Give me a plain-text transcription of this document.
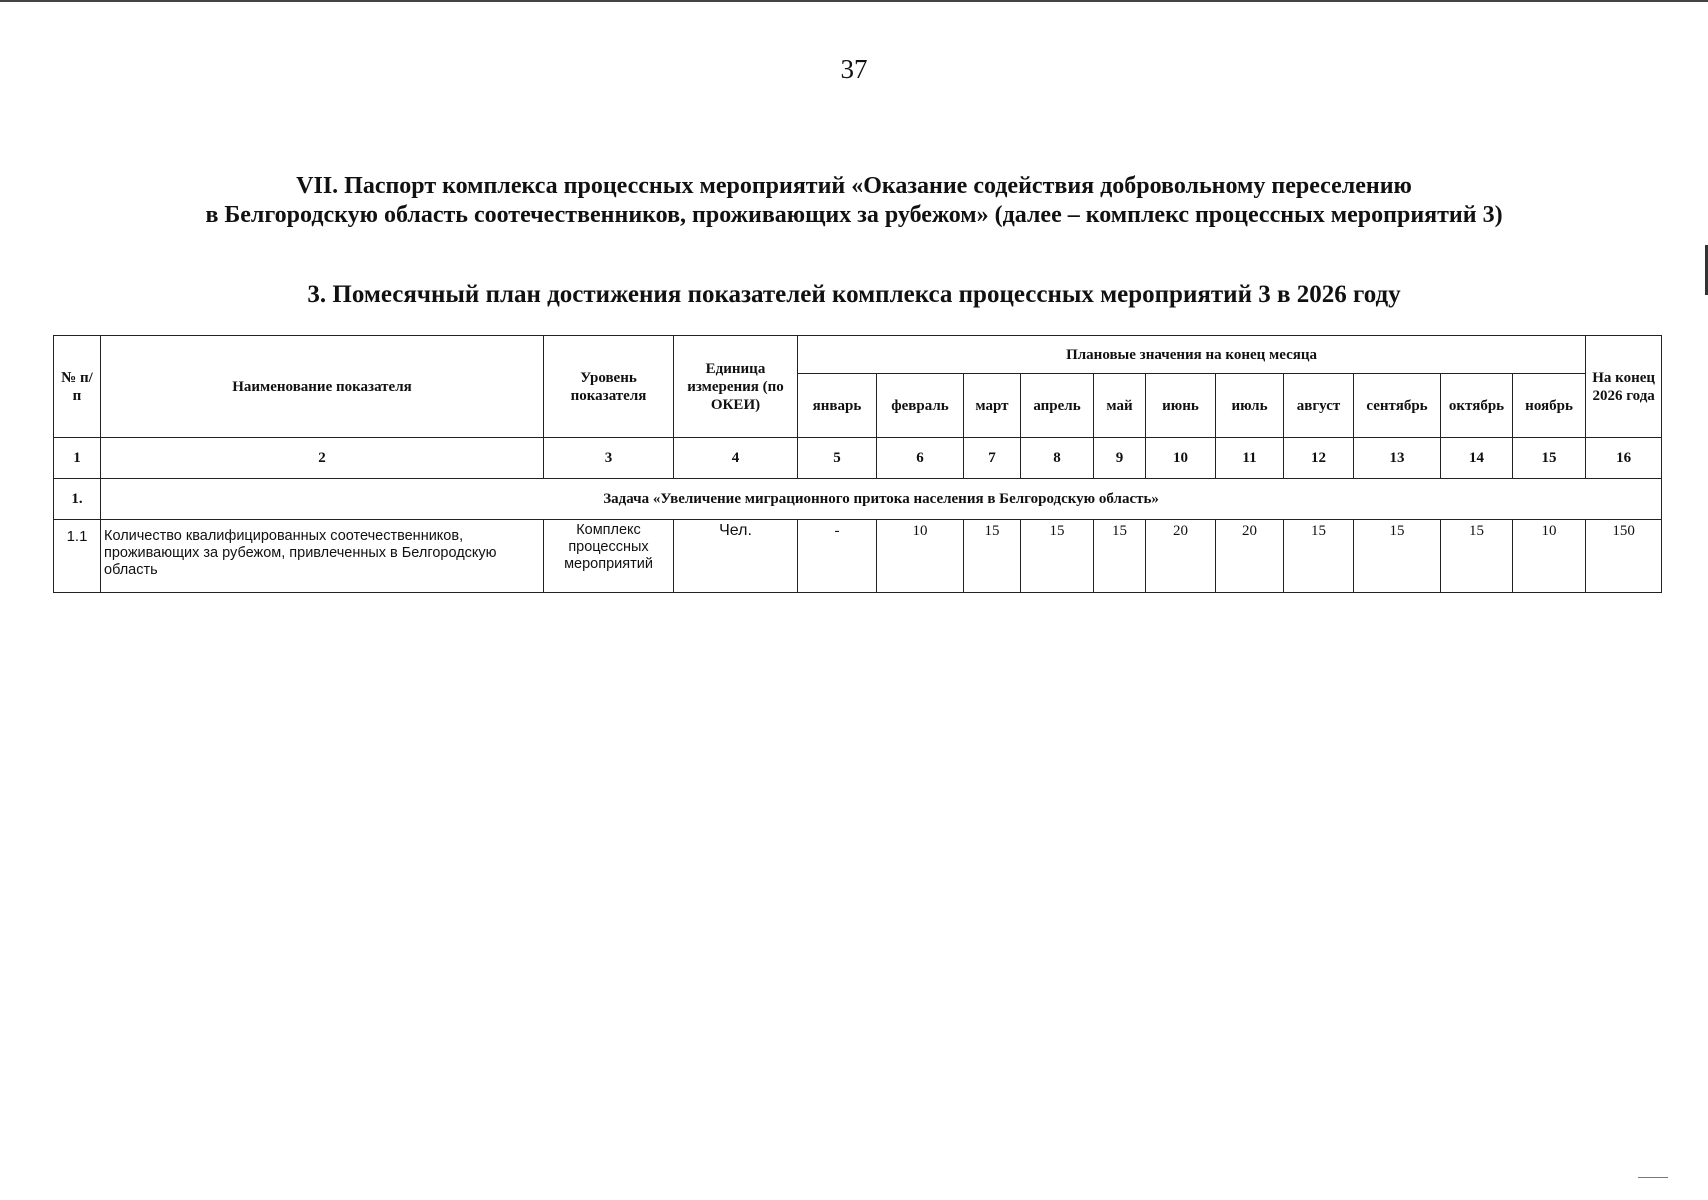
37
VII. Паспорт комплекса процессных мероприятий «Оказание содействия добровольному переселению
в Белгородскую область соотечественников, проживающих за рубежом» (далее – комплекс процессных мероприятий 3)
3. Помесячный план достижения показателей комплекса процессных мероприятий 3 в 2026 году
№ п/п	Наименование показателя	Уровень показателя	Единица измерения (по ОКЕИ)	Плановые значения на конец месяца											На конец 2026 года
				январь	февраль	март	апрель	май	июнь	июль	август	сентябрь	октябрь	ноябрь	
1	2	3	4	5	6	7	8	9	10	11	12	13	14	15	16
1.	Задача «Увеличение миграционного притока населения в Белгородскую область»														
1.1	Количество квалифицированных соотечественников, проживающих за рубежом, привлеченных в Белгородскую область	Комплекс процессных мероприятий	Чел.	-	10	15	15	15	20	20	15	15	15	10	150
